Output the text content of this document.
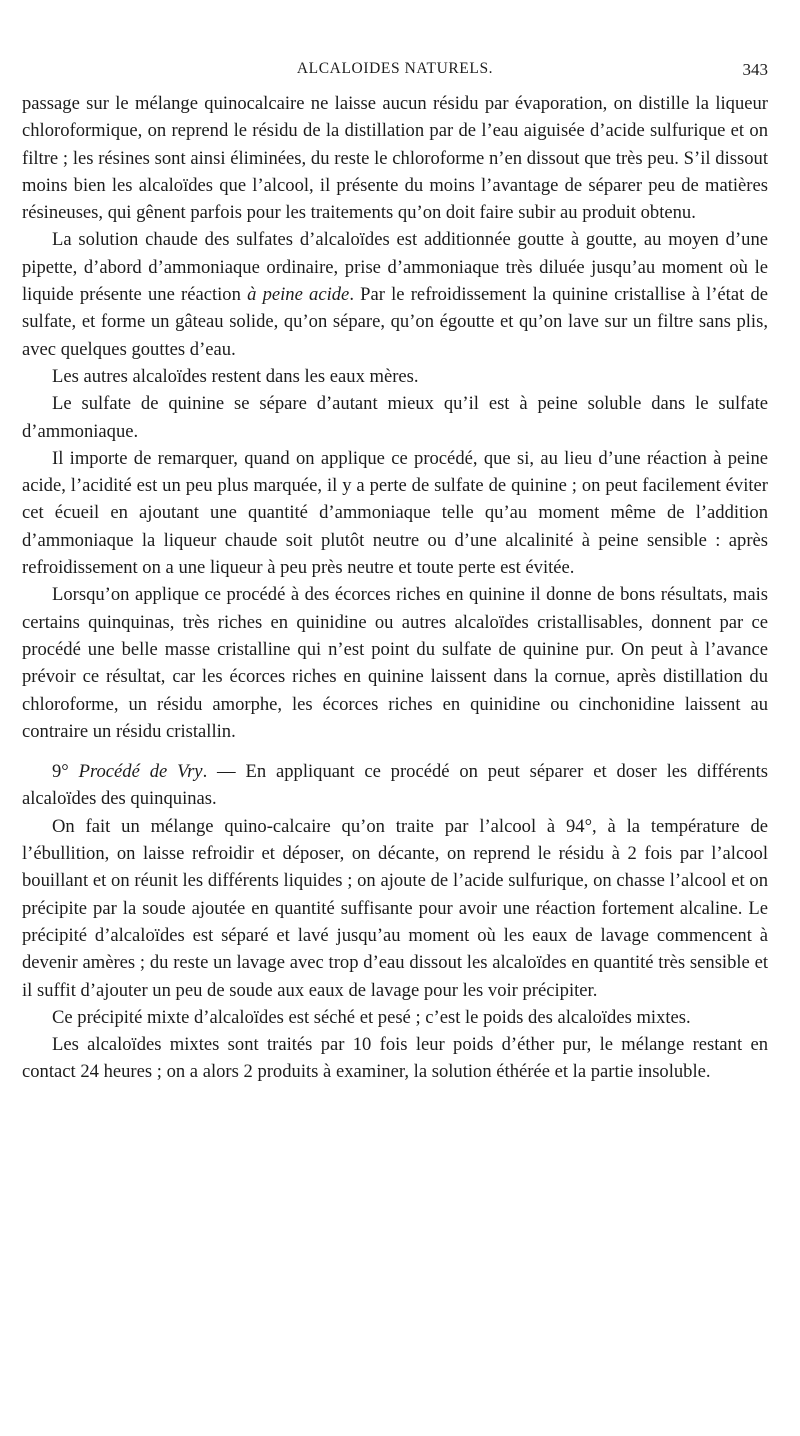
ALCALOIDES NATURELS.	343

passage sur le mélange quinocalcaire ne laisse aucun résidu par évaporation, on distille la liqueur chloroformique, on reprend le résidu de la distillation par de l’eau aiguisée d’acide sulfurique et on filtre ; les résines sont ainsi éliminées, du reste le chloroforme n’en dissout que très peu. S’il dissout moins bien les alcaloïdes que l’alcool, il présente du moins l’avantage de séparer peu de matières résineuses, qui gênent parfois pour les traitements qu’on doit faire subir au produit obtenu.

La solution chaude des sulfates d’alcaloïdes est additionnée goutte à goutte, au moyen d’une pipette, d’abord d’ammoniaque ordinaire, prise d’ammoniaque très diluée jusqu’au moment où le liquide présente une réaction à peine acide. Par le refroidissement la quinine cristallise à l’état de sulfate, et forme un gâteau solide, qu’on sépare, qu’on égoutte et qu’on lave sur un filtre sans plis, avec quelques gouttes d’eau.

Les autres alcaloïdes restent dans les eaux mères.

Le sulfate de quinine se sépare d’autant mieux qu’il est à peine soluble dans le sulfate d’ammoniaque.

Il importe de remarquer, quand on applique ce procédé, que si, au lieu d’une réaction à peine acide, l’acidité est un peu plus marquée, il y a perte de sulfate de quinine ; on peut facilement éviter cet écueil en ajoutant une quantité d’ammoniaque telle qu’au moment même de l’addition d’ammoniaque la liqueur chaude soit plutôt neutre ou d’une alcalinité à peine sensible : après refroidissement on a une liqueur à peu près neutre et toute perte est évitée.

Lorsqu’on applique ce procédé à des écorces riches en quinine il donne de bons résultats, mais certains quinquinas, très riches en quinidine ou autres alcaloïdes cristallisables, donnent par ce procédé une belle masse cristalline qui n’est point du sulfate de quinine pur. On peut à l’avance prévoir ce résultat, car les écorces riches en quinine laissent dans la cornue, après distillation du chloroforme, un résidu amorphe, les écorces riches en quinidine ou cinchonidine laissent au contraire un résidu cristallin.

9° Procédé de Vry. — En appliquant ce procédé on peut séparer et doser les différents alcaloïdes des quinquinas.

On fait un mélange quino-calcaire qu’on traite par l’alcool à 94°, à la température de l’ébullition, on laisse refroidir et déposer, on décante, on reprend le résidu à 2 fois par l’alcool bouillant et on réunit les différents liquides ; on ajoute de l’acide sulfurique, on chasse l’alcool et on précipite par la soude ajoutée en quantité suffisante pour avoir une réaction fortement alcaline. Le précipité d’alcaloïdes est séparé et lavé jusqu’au moment où les eaux de lavage commencent à devenir amères ; du reste un lavage avec trop d’eau dissout les alcaloïdes en quantité très sensible et il suffit d’ajouter un peu de soude aux eaux de lavage pour les voir précipiter.

Ce précipité mixte d’alcaloïdes est séché et pesé ; c’est le poids des alcaloïdes mixtes.

Les alcaloïdes mixtes sont traités par 10 fois leur poids d’éther pur, le mélange restant en contact 24 heures ; on a alors 2 produits à examiner, la solution éthérée et la partie insoluble.
